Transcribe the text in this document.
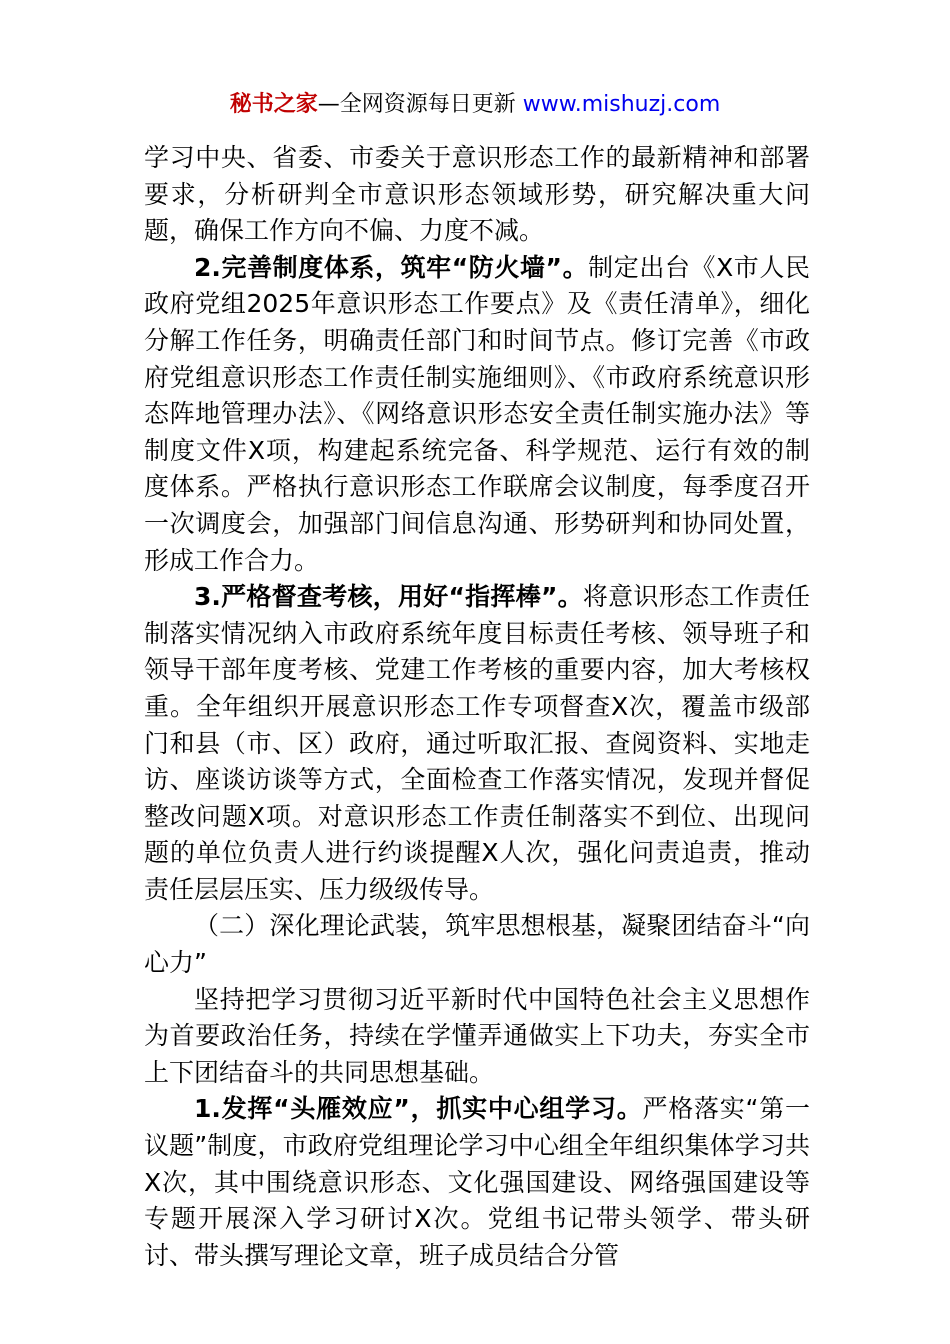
秘书之家—全网资源每日更新 www.mishuzj.com

学习中央、省委、市委关于意识形态工作的最新精神和部署要求，分析研判全市意识形态领域形势，研究解决重大问题，确保工作方向不偏、力度不减。

2.完善制度体系，筑牢“防火墙”。制定出台《X市人民政府党组2025年意识形态工作要点》及《责任清单》，细化分解工作任务，明确责任部门和时间节点。修订完善《市政府党组意识形态工作责任制实施细则》、《市政府系统意识形态阵地管理办法》、《网络意识形态安全责任制实施办法》等制度文件X项，构建起系统完备、科学规范、运行有效的制度体系。严格执行意识形态工作联席会议制度，每季度召开一次调度会，加强部门间信息沟通、形势研判和协同处置，形成工作合力。

3.严格督查考核，用好“指挥棒”。将意识形态工作责任制落实情况纳入市政府系统年度目标责任考核、领导班子和领导干部年度考核、党建工作考核的重要内容，加大考核权重。全年组织开展意识形态工作专项督查X次，覆盖市级部门和县（市、区）政府，通过听取汇报、查阅资料、实地走访、座谈访谈等方式，全面检查工作落实情况，发现并督促整改问题X项。对意识形态工作责任制落实不到位、出现问题的单位负责人进行约谈提醒X人次，强化问责追责，推动责任层层压实、压力级级传导。

（二）深化理论武装，筑牢思想根基，凝聚团结奋斗“向心力”

坚持把学习贯彻习近平新时代中国特色社会主义思想作为首要政治任务，持续在学懂弄通做实上下功夫，夯实全市上下团结奋斗的共同思想基础。

1.发挥“头雁效应”，抓实中心组学习。严格落实“第一议题”制度，市政府党组理论学习中心组全年组织集体学习共X次，其中围绕意识形态、文化强国建设、网络强国建设等专题开展深入学习研讨X次。党组书记带头领学、带头研讨、带头撰写理论文章，班子成员结合分管
